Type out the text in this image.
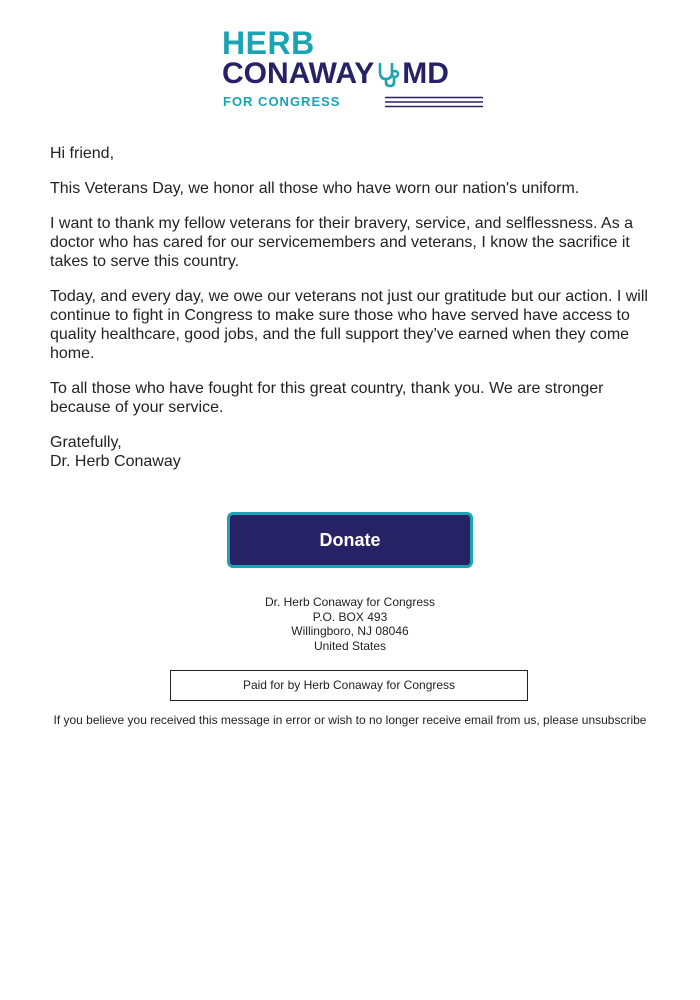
HERB
CONAWAY MD
FOR CONGRESS

Hi friend,

This Veterans Day, we honor all those who have worn our nation's uniform.

I want to thank my fellow veterans for their bravery, service, and selflessness. As a doctor who has cared for our servicemembers and veterans, I know the sacrifice it takes to serve this country.

Today, and every day, we owe our veterans not just our gratitude but our action. I will continue to fight in Congress to make sure those who have served have access to quality healthcare, good jobs, and the full support they’ve earned when they come home.

To all those who have fought for this great country, thank you. We are stronger because of your service.

Gratefully,

Dr. Herb Conaway

Donate
Dr. Herb Conaway for Congress
P.O. BOX 493
Willingboro, NJ 08046
United States
Paid for by Herb Conaway for Congress
If you believe you received this message in error or wish to no longer receive email from us, please unsubscribe
